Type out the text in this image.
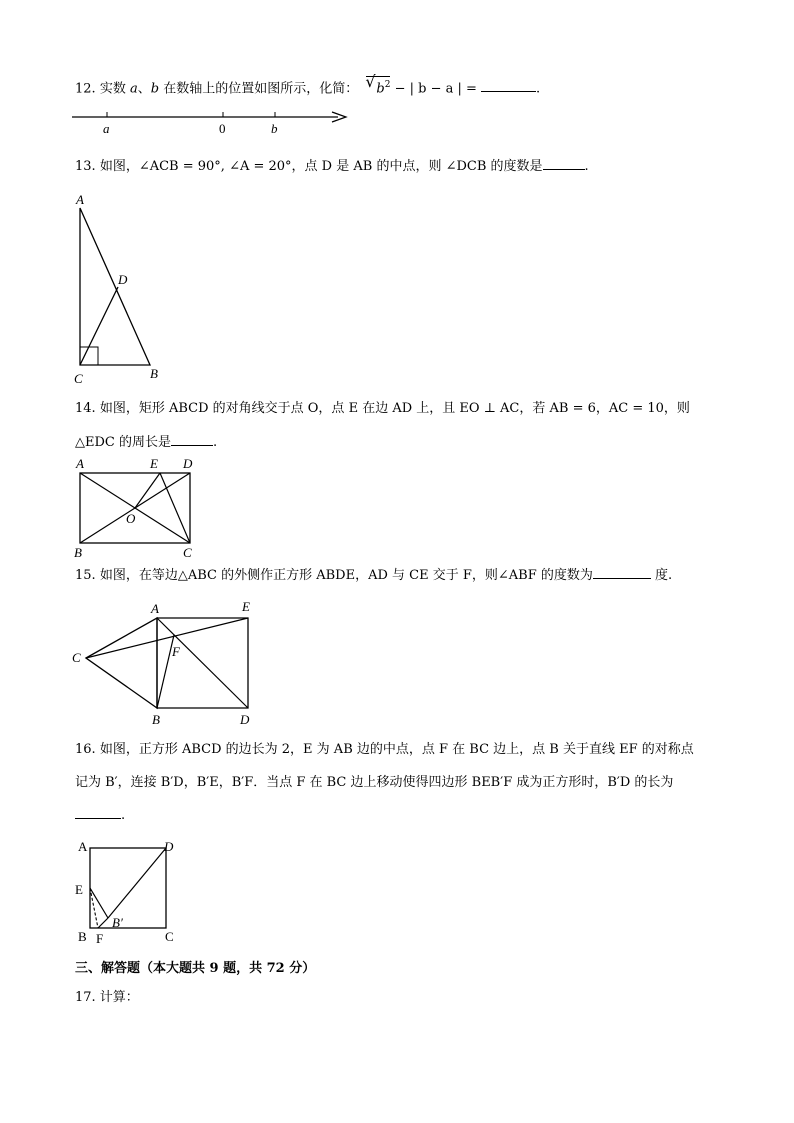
12. 实数 a、b 在数轴上的位置如图所示，化简： √ $b^2$ − | b − a | =	.
a	0	b
13. 如图，∠ACB = 90°, ∠A = 20°，点 D 是 AB 的中点，则 ∠DCB 的度数是	.
A
D
C	B
14. 如图，矩形 ABCD 的对角线交于点 O，点 E 在边 AD 上，且 EO ⊥ AC，若 AB = 6，AC = 10，则
△EDC 的周长是	.
A	E D
O
B	C
15. 如图，在等边△ABC 的外侧作正方形 ABDE，AD 与 CE 交于 F，则∠ABF 的度数为	度.
A	E
C	F
B	D
16. 如图，正方形 ABCD 的边长为 2，E 为 AB 边的中点，点 F 在 BC 边上，点 B 关于直线 EF 的对称点
记为 B′，连接 B′D，B′E，B′F．当点 F 在 BC 边上移动使得四边形 BEB′F 成为正方形时，B′D 的长为
.
A	D
E
B′
B F	C
三、解答题（本大题共 9 题，共 72 分）
17. 计算：
